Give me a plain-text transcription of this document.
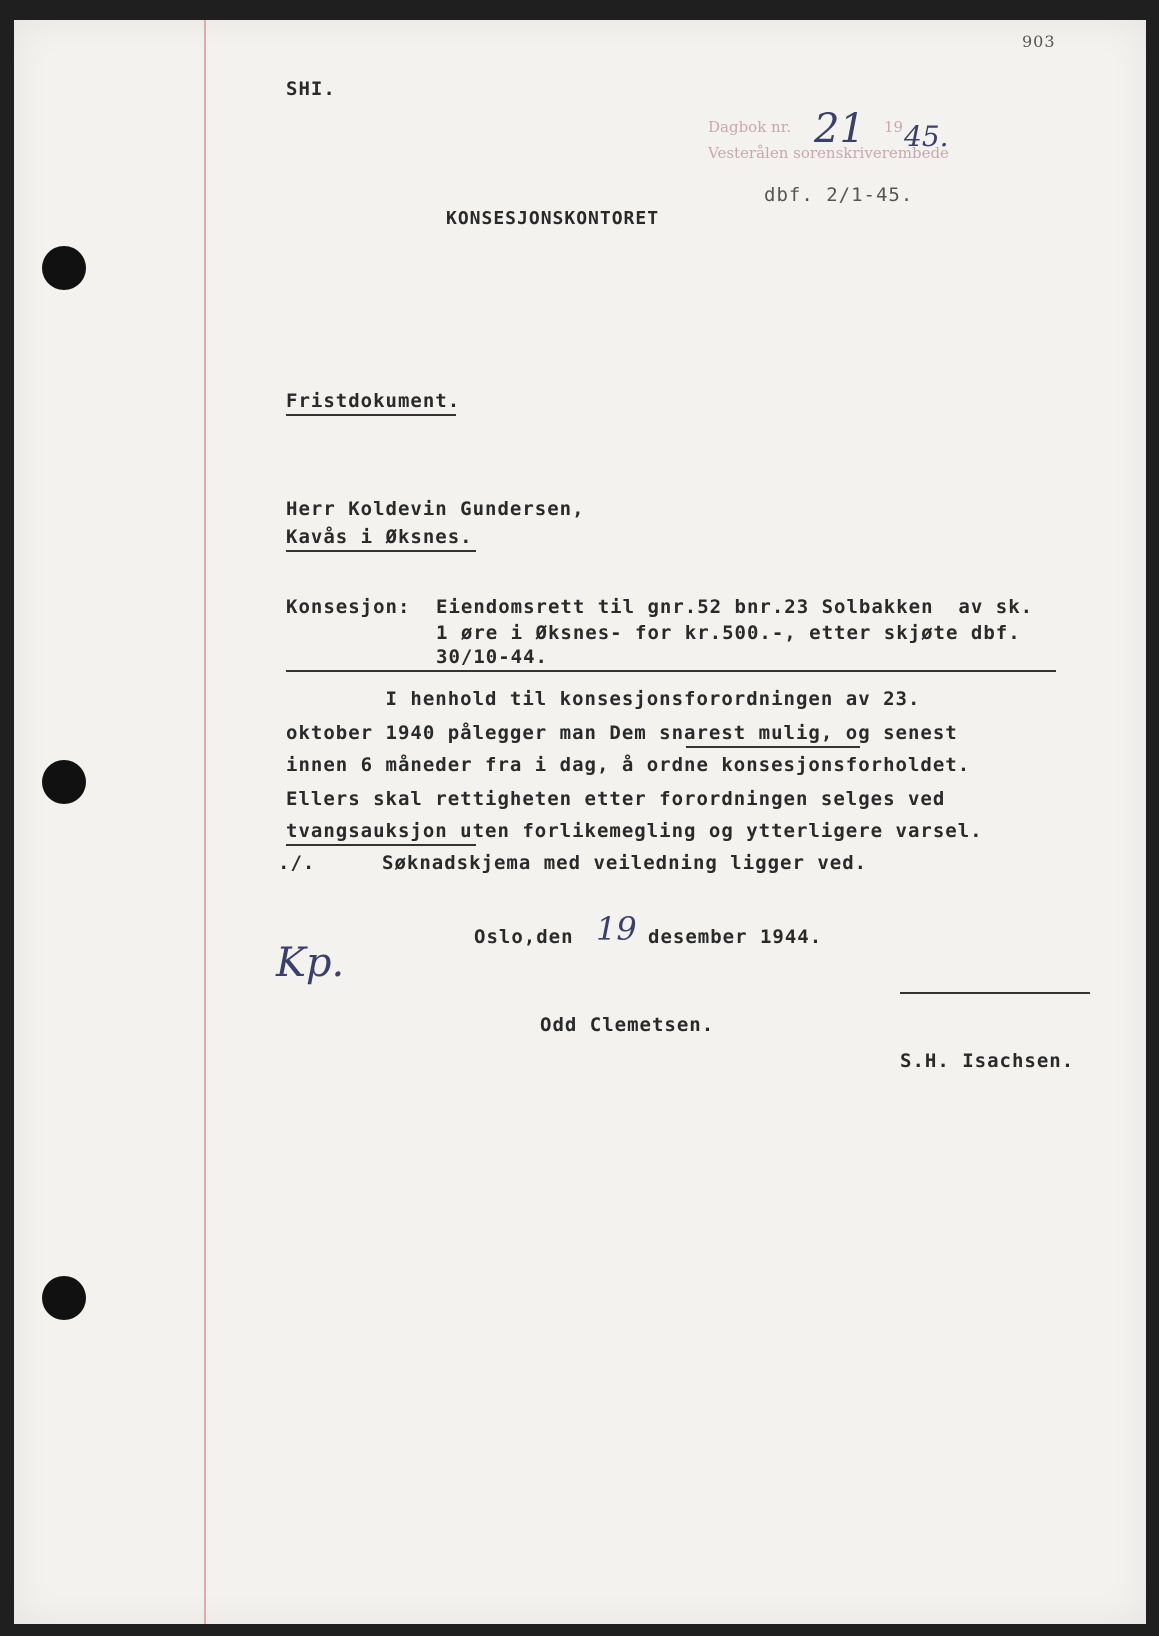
903
SHI.
Dagbok nr.	19
Vesterålen sorenskriverembede
21 45.
dbf. 2/1-45.
KONSESJONSKONTORET
Fristdokument.
Herr Koldevin Gundersen,
Kavås i Øksnes.
Konsesjon: Eiendomsrett til gnr.52 bnr.23 Solbakken  av sk.
1 øre i Øksnes- for kr.500.-, etter skjøte dbf.
30/10-44.
I henhold til konsesjonsforordningen av 23.
oktober 1940 pålegger man Dem snarest mulig, og senest
innen 6 måneder fra i dag, å ordne konsesjonsforholdet.
Ellers skal rettigheten etter forordningen selges ved
tvangsauksjon uten forlikemegling og ytterligere varsel.
./.	Søknadskjema med veiledning ligger ved.
Oslo,den 19 desember 1944.
Kp.
Odd Clemetsen.
S.H. Isachsen.
